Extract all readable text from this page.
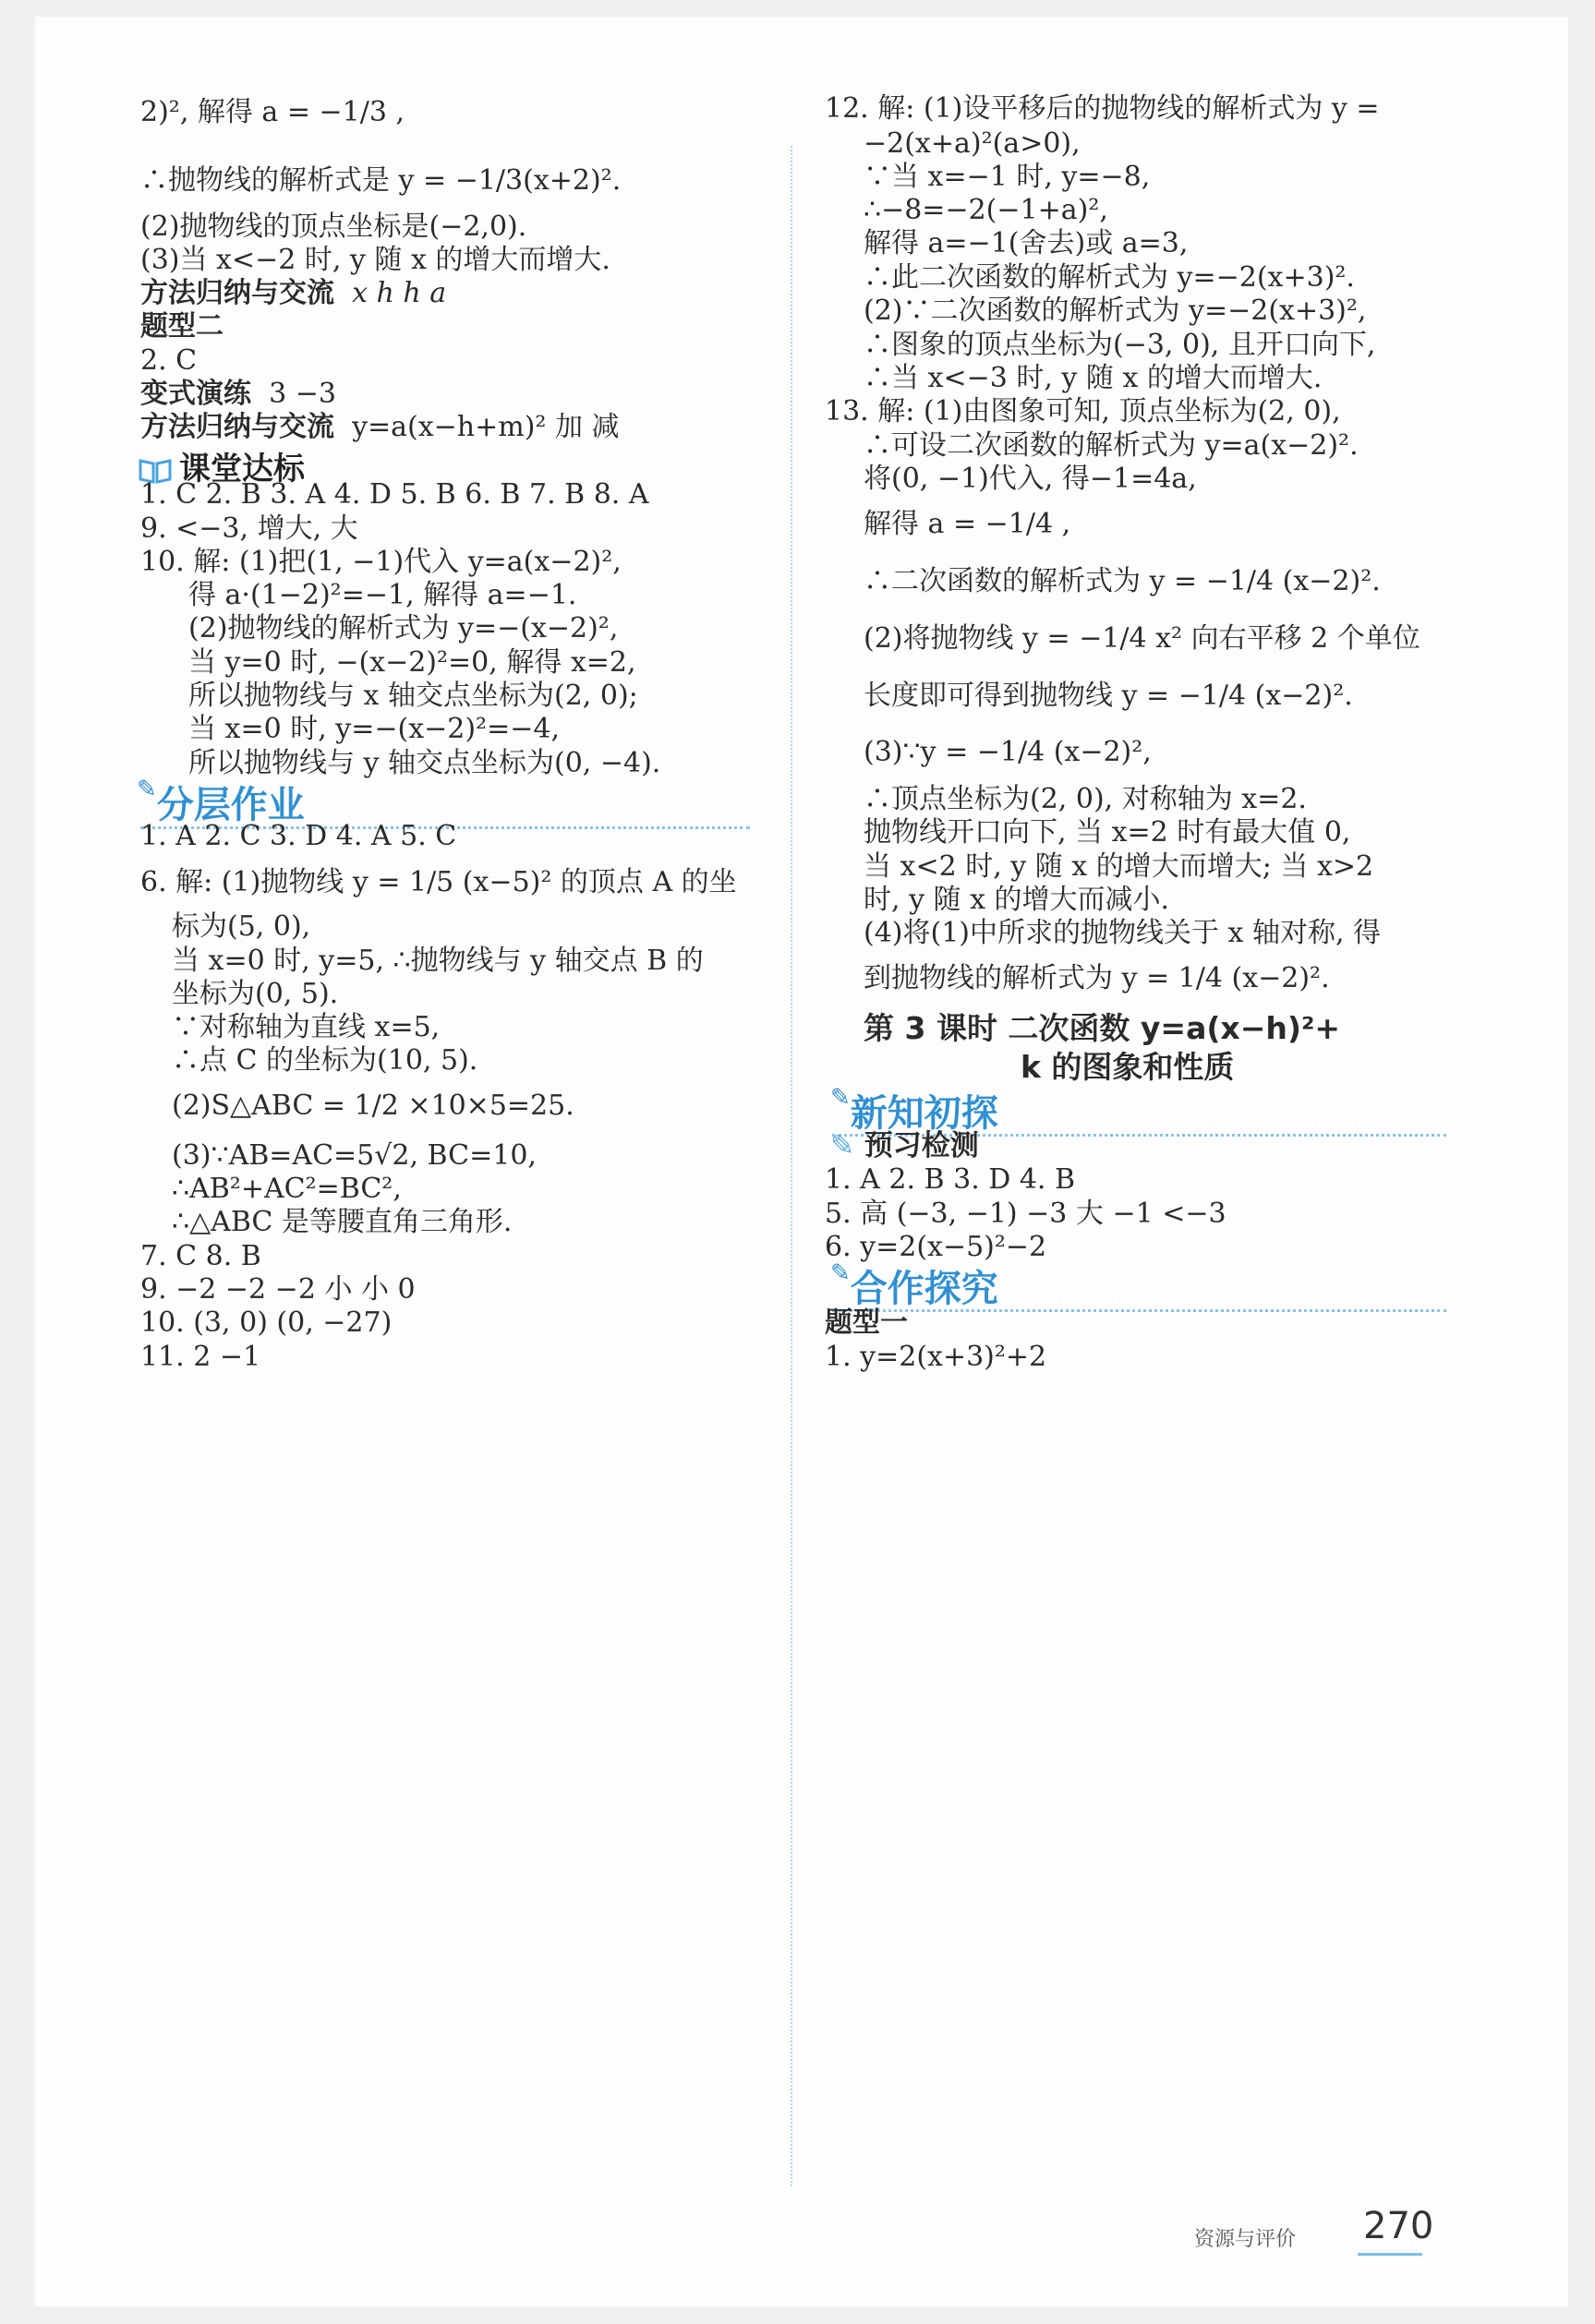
2)², 解得 a = −1/3 ,
∴抛物线的解析式是 y = −1/3(x+2)².
(2)抛物线的顶点坐标是(−2,0).
(3)当 x<−2 时, y 随 x 的增大而增大.
方法归纳与交流 x h h a
题型二
2. C
变式演练 3 −3
方法归纳与交流 y=a(x−h+m)² 加 减
课堂达标
1. C 2. B 3. A 4. D 5. B 6. B 7. B 8. A
9. <−3, 增大, 大
10. 解: (1)把(1, −1)代入 y=a(x−2)²,
得 a·(1−2)²=−1, 解得 a=−1.
(2)抛物线的解析式为 y=−(x−2)²,
当 y=0 时, −(x−2)²=0, 解得 x=2,
所以抛物线与 x 轴交点坐标为(2, 0);
当 x=0 时, y=−(x−2)²=−4,
所以抛物线与 y 轴交点坐标为(0, −4).
✎分层作业
1. A 2. C 3. D 4. A 5. C
6. 解: (1)抛物线 y = 1/5 (x−5)² 的顶点 A 的坐
标为(5, 0),
当 x=0 时, y=5, ∴抛物线与 y 轴交点 B 的
坐标为(0, 5).
∵对称轴为直线 x=5,
∴点 C 的坐标为(10, 5).
(2)S△ABC = 1/2 ×10×5=25.
(3)∵AB=AC=5√2, BC=10,
∴AB²+AC²=BC²,
∴△ABC 是等腰直角三角形.
7. C 8. B
9. −2 −2 −2 小 小 0
10. (3, 0) (0, −27)
11. 2 −1
12. 解: (1)设平移后的抛物线的解析式为 y =
−2(x+a)²(a>0),
∵当 x=−1 时, y=−8,
∴−8=−2(−1+a)²,
解得 a=−1(舍去)或 a=3,
∴此二次函数的解析式为 y=−2(x+3)².
(2)∵二次函数的解析式为 y=−2(x+3)²,
∴图象的顶点坐标为(−3, 0), 且开口向下,
∴当 x<−3 时, y 随 x 的增大而增大.
13. 解: (1)由图象可知, 顶点坐标为(2, 0),
∴可设二次函数的解析式为 y=a(x−2)².
将(0, −1)代入, 得−1=4a,
解得 a = −1/4 ,
∴二次函数的解析式为 y = −1/4 (x−2)².
(2)将抛物线 y = −1/4 x² 向右平移 2 个单位
长度即可得到抛物线 y = −1/4 (x−2)².
(3)∵y = −1/4 (x−2)²,
∴顶点坐标为(2, 0), 对称轴为 x=2.
抛物线开口向下, 当 x=2 时有最大值 0,
当 x<2 时, y 随 x 的增大而增大; 当 x>2
时, y 随 x 的增大而减小.
(4)将(1)中所求的抛物线关于 x 轴对称, 得
到抛物线的解析式为 y = 1/4 (x−2)².
第 3 课时 二次函数 y=a(x−h)²+
k 的图象和性质
✎新知初探
✎ 预习检测
1. A 2. B 3. D 4. B
5. 高 (−3, −1) −3 大 −1 <−3
6. y=2(x−5)²−2
✎合作探究
题型一
1. y=2(x+3)²+2
资源与评价 270
